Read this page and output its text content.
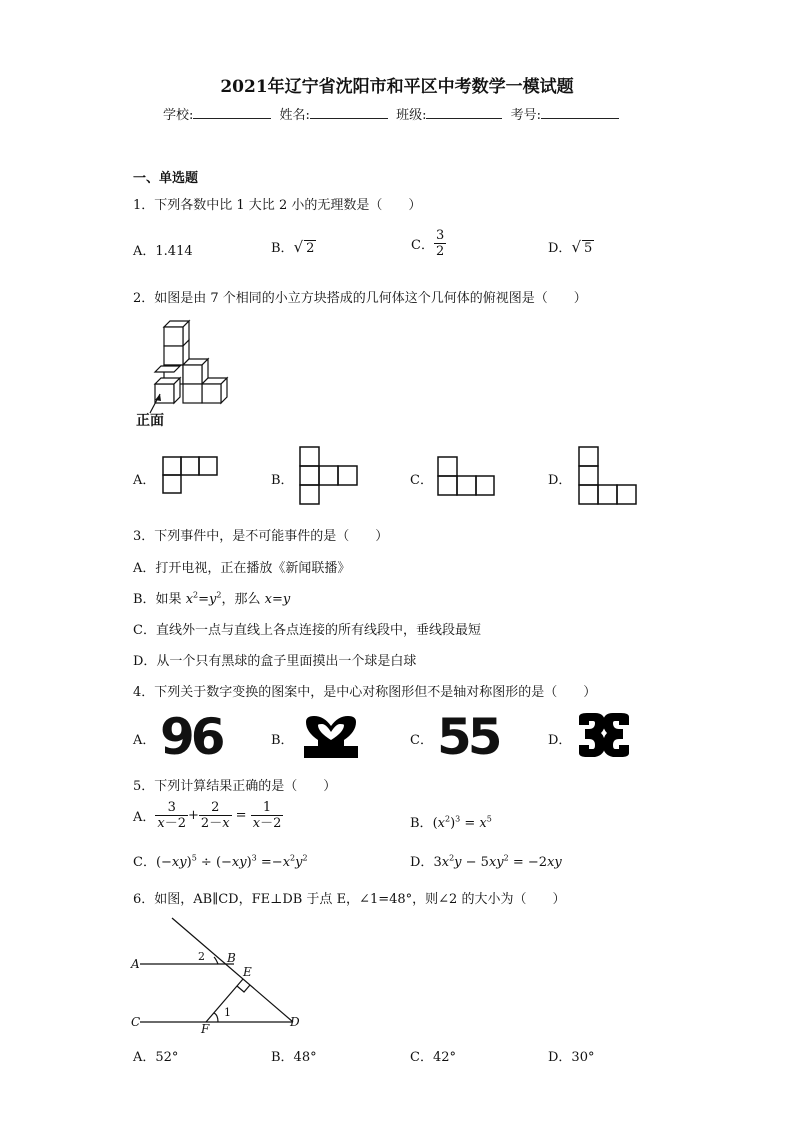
2021年辽宁省沈阳市和平区中考数学一模试题
学校:	姓名:	班级:	考号:
一、单选题
1．下列各数中比 1 大比 2 小的无理数是（　　）
A．1.414	B．√ 2	C． $\frac{3}{2}$	D．√ 5
2．如图是由 7 个相同的小立方块搭成的几何体这个几何体的俯视图是（　　）
正面
A．	B．	C．	D．
3．下列事件中，是不可能事件的是（　　）
A．打开电视，正在播放《新闻联播》
B．如果 $x^2=y^2$，那么 x=y
C．直线外一点与直线上各点连接的所有线段中，垂线段最短
D．从一个只有黑球的盒子里面摸出一个球是白球
4．下列关于数字变换的图案中，是中心对称图形但不是轴对称图形的是（　　）
A． 96	B．	C． 55	D．
5．下列计算结果正确的是（　　）
A． $\frac{3}{x-2} + \frac{2}{2-x} = \frac{1}{x-2}$	B．$(x^2)^3 = x^5$
C．$(-xy)^5 \div (-xy)^3 =-x^2y^2$	D．$3x^2y - 5xy^2 = -2xy$
6．如图，AB∥CD，FE⊥DB 于点 E，∠1=48°，则∠2 的大小为（　　）
A	B
C	D
E
F
1
2
A．52°	B．48°	C．42°	D．30°
